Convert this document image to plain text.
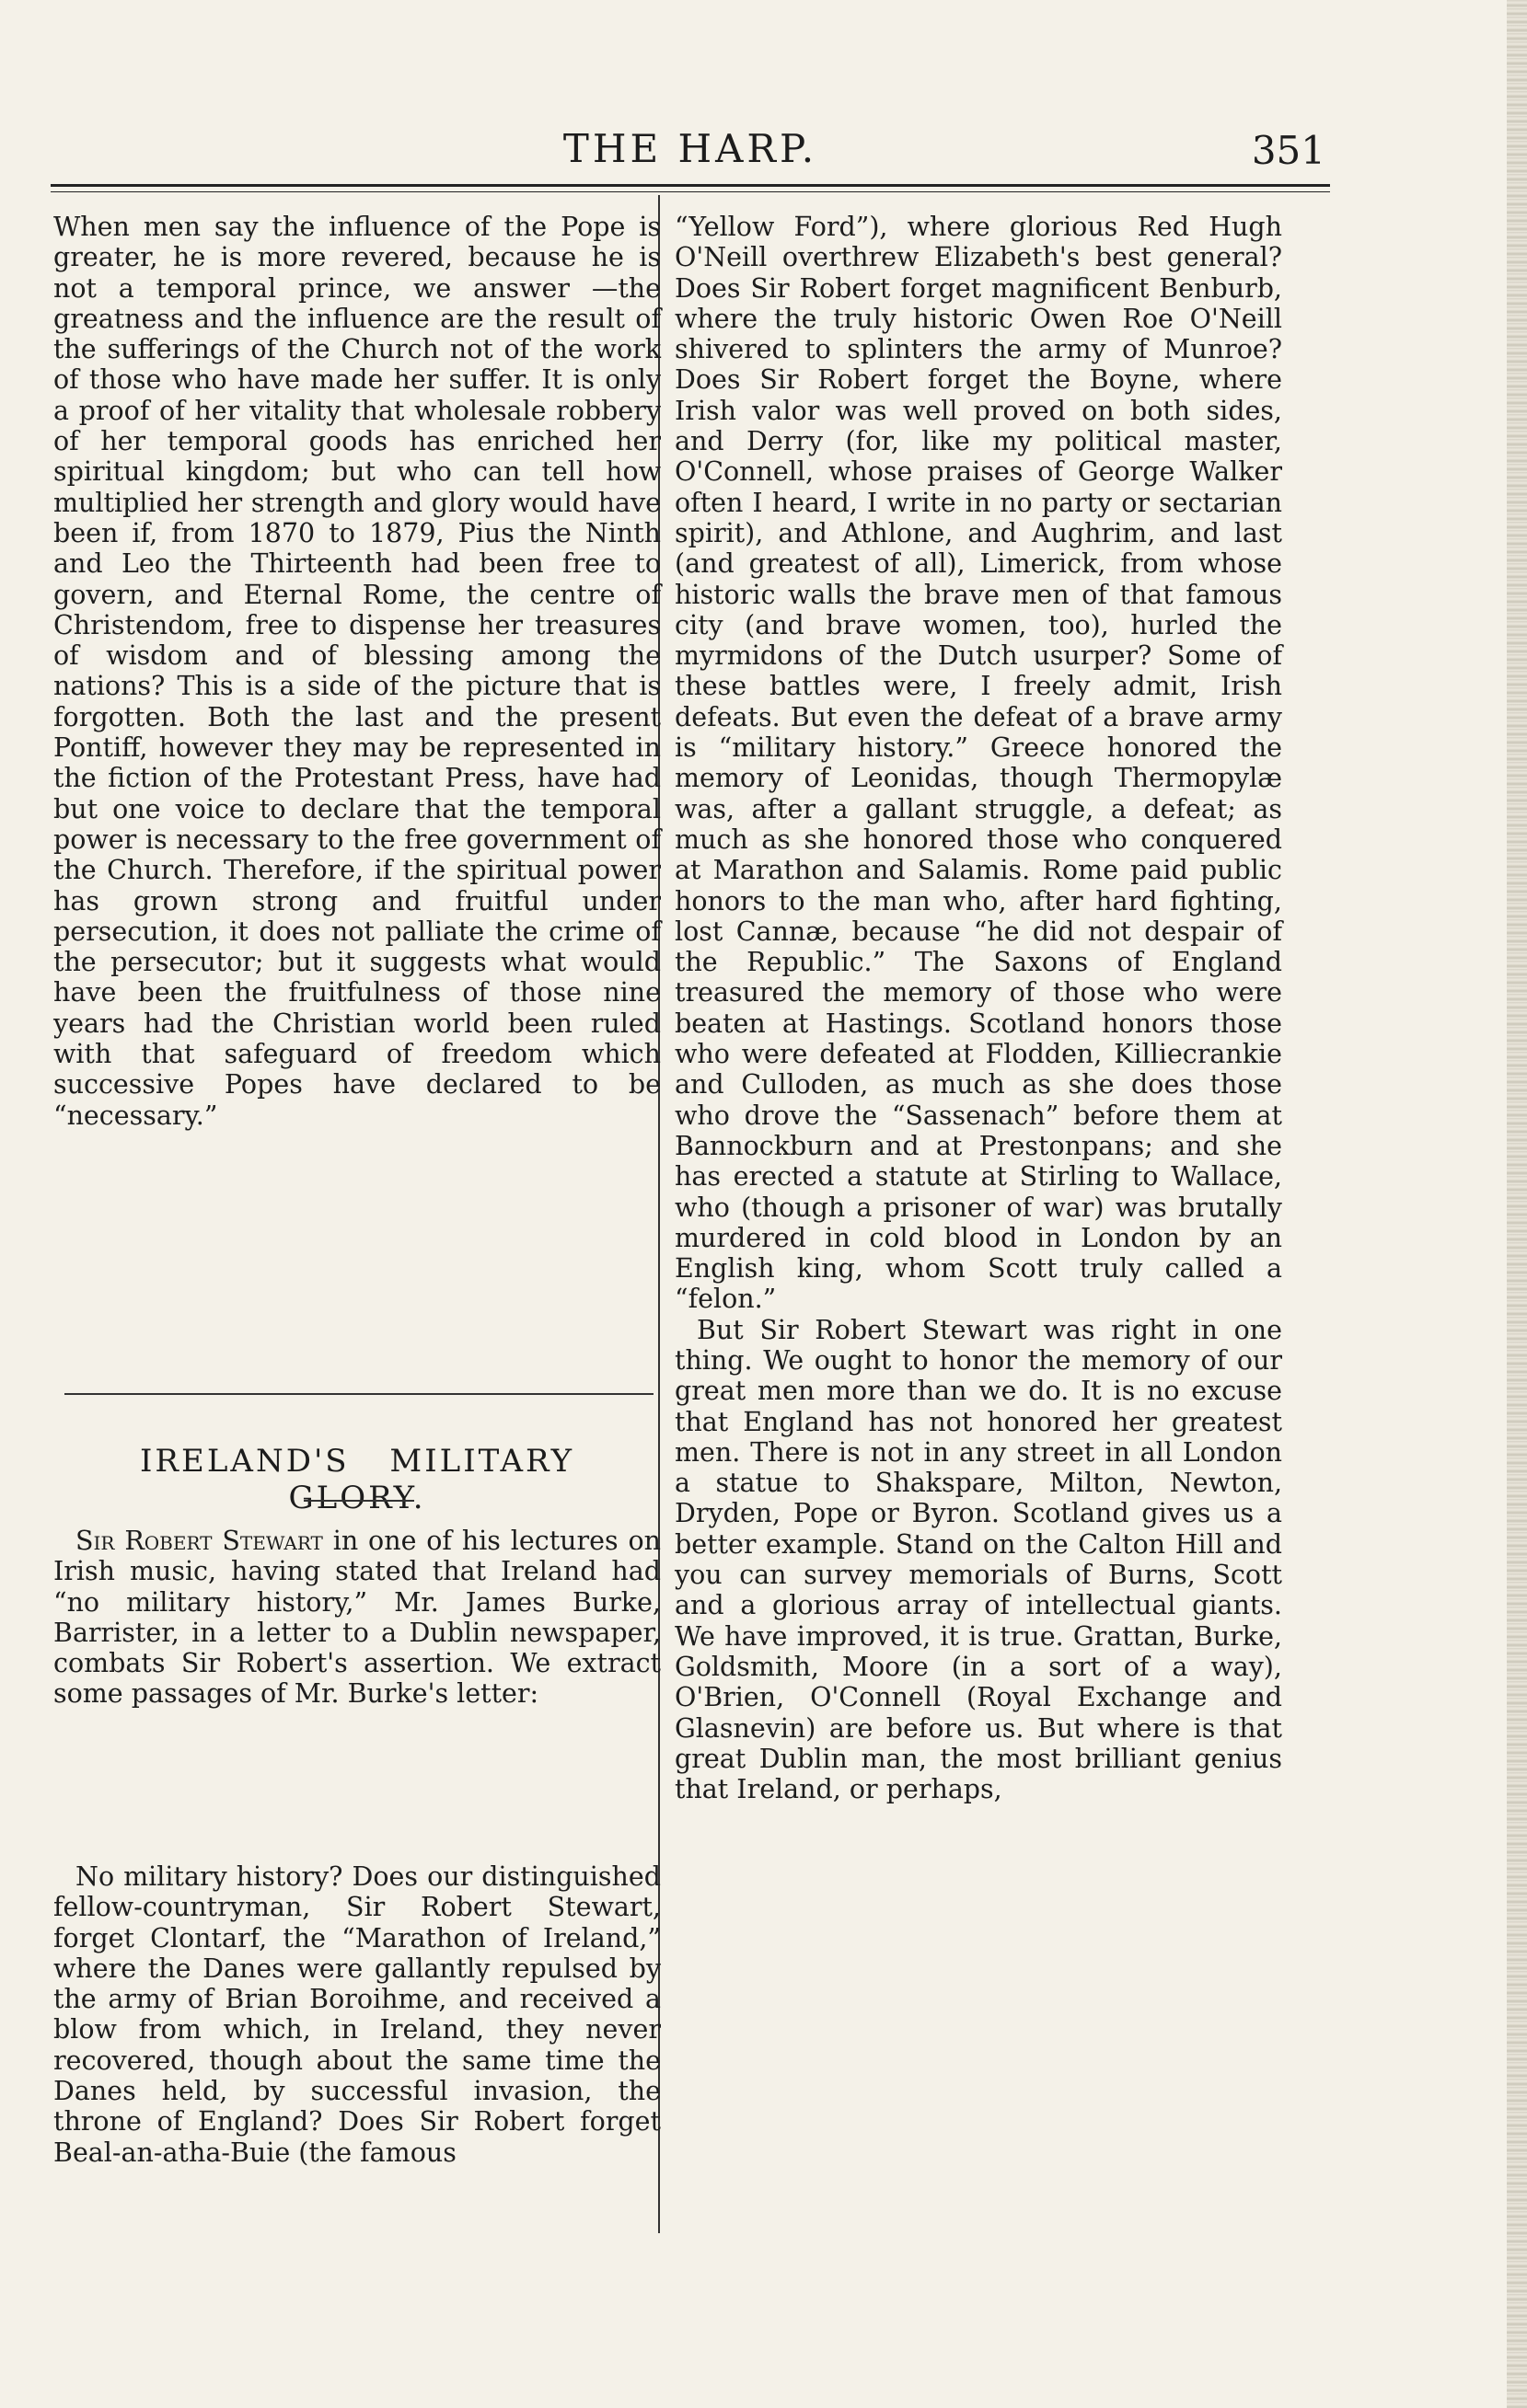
THE HARP.	351

When men say the influence of the Pope is greater, he is more revered, because he is not a temporal prince, we answer —the greatness and the influence are the result of the sufferings of the Church not of the work of those who have made her suffer. It is only a proof of her vitality that wholesale robbery of her temporal goods has enriched her spiritual kingdom; but who can tell how multiplied her strength and glory would have been if, from 1870 to 1879, Pius the Ninth and Leo the Thirteenth had been free to govern, and Eternal Rome, the centre of Christendom, free to dispense her treasures of wisdom and of blessing among the nations? This is a side of the picture that is forgotten. Both the last and the present Pontiff, however they may be represented in the fiction of the Protestant Press, have had but one voice to declare that the temporal power is necessary to the free government of the Church. Therefore, if the spiritual power has grown strong and fruitful under persecution, it does not palliate the crime of the persecutor; but it suggests what would have been the fruitfulness of those nine years had the Christian world been ruled with that safeguard of freedom which successive Popes have declared to be “necessary.”

IRELAND'S MILITARY GLORY.

Sir Robert Stewart in one of his lectures on Irish music, having stated that Ireland had “no military history,” Mr. James Burke, Barrister, in a letter to a Dublin newspaper, combats Sir Robert's assertion. We extract some passages of Mr. Burke's letter:

No military history? Does our distinguished fellow-countryman, Sir Robert Stewart, forget Clontarf, the “Marathon of Ireland,” where the Danes were gallantly repulsed by the army of Brian Boroihme, and received a blow from which, in Ireland, they never recovered, though about the same time the Danes held, by successful invasion, the throne of England? Does Sir Robert forget Beal-an-atha-Buie (the famous

“Yellow Ford”), where glorious Red Hugh O'Neill overthrew Elizabeth's best general? Does Sir Robert forget magnificent Benburb, where the truly historic Owen Roe O'Neill shivered to splinters the army of Munroe? Does Sir Robert forget the Boyne, where Irish valor was well proved on both sides, and Derry (for, like my political master, O'Connell, whose praises of George Walker often I heard, I write in no party or sectarian spirit), and Athlone, and Aughrim, and last (and greatest of all), Limerick, from whose historic walls the brave men of that famous city (and brave women, too), hurled the myrmidons of the Dutch usurper? Some of these battles were, I freely admit, Irish defeats. But even the defeat of a brave army is “military history.” Greece honored the memory of Leonidas, though Thermopylæ was, after a gallant struggle, a defeat; as much as she honored those who conquered at Marathon and Salamis. Rome paid public honors to the man who, after hard fighting, lost Cannæ, because “he did not despair of the Republic.” The Saxons of England treasured the memory of those who were beaten at Hastings. Scotland honors those who were defeated at Flodden, Killiecrankie and Culloden, as much as she does those who drove the “Sassenach” before them at Bannockburn and at Prestonpans; and she has erected a statute at Stirling to Wallace, who (though a prisoner of war) was brutally murdered in cold blood in London by an English king, whom Scott truly called a “felon.”

But Sir Robert Stewart was right in one thing. We ought to honor the memory of our great men more than we do. It is no excuse that England has not honored her greatest men. There is not in any street in all London a statue to Shakspare, Milton, Newton, Dryden, Pope or Byron. Scotland gives us a better example. Stand on the Calton Hill and you can survey memorials of Burns, Scott and a glorious array of intellectual giants. We have improved, it is true. Grattan, Burke, Goldsmith, Moore (in a sort of a way), O'Brien, O'Connell (Royal Exchange and Glasnevin) are before us. But where is that great Dublin man, the most brilliant genius that Ireland, or perhaps,
